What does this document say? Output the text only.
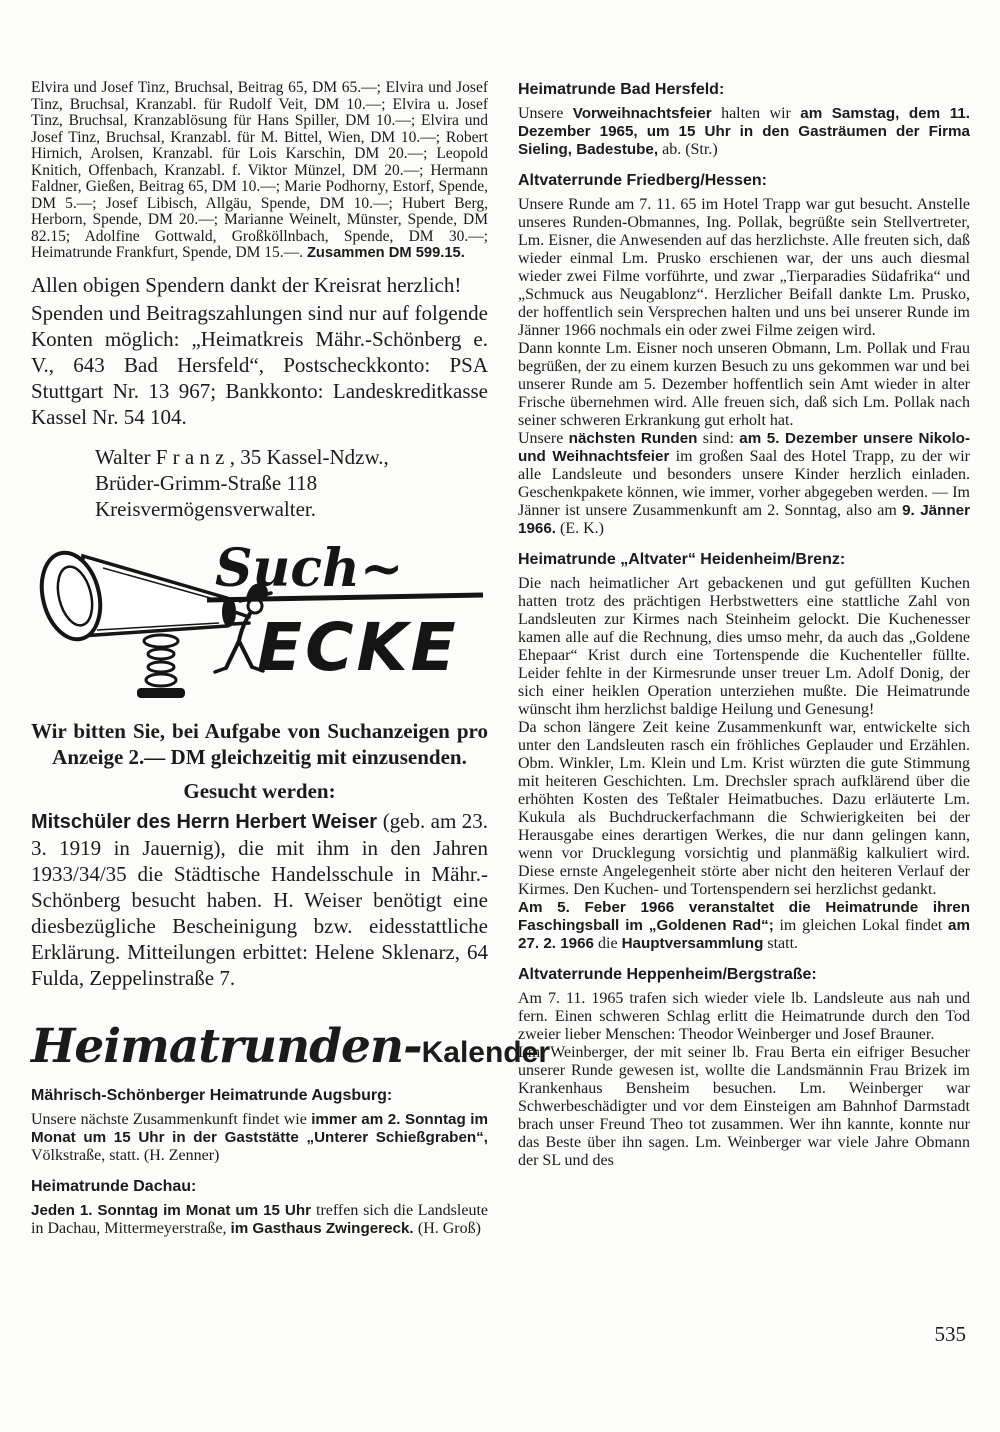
Elvira und Josef Tinz, Bruchsal, Beitrag 65, DM 65.—; Elvira und Josef Tinz, Bruchsal, Kranzabl. für Rudolf Veit, DM 10.—; Elvira u. Josef Tinz, Bruchsal, Kranzablösung für Hans Spiller, DM 10.—; Elvira und Josef Tinz, Bruchsal, Kranzabl. für M. Bittel, Wien, DM 10.—; Robert Hirnich, Arolsen, Kranzabl. für Lois Karschin, DM 20.—; Leopold Knitich, Offenbach, Kranzabl. f. Viktor Münzel, DM 20.—; Hermann Faldner, Gießen, Beitrag 65, DM 10.—; Marie Podhorny, Estorf, Spende, DM 5.—; Josef Libisch, Allgäu, Spende, DM 10.—; Hubert Berg, Herborn, Spende, DM 20.—; Marianne Weinelt, Münster, Spende, DM 82.15; Adolfine Gottwald, Großköllnbach, Spende, DM 30.—; Heimatrunde Frankfurt, Spende, DM 15.—. Zusammen DM 599.15.

Allen obigen Spendern dankt der Kreisrat herzlich!

Spenden und Beitragszahlungen sind nur auf folgende Konten möglich: „Heimatkreis Mähr.-Schönberg e. V., 643 Bad Hersfeld“, Postscheckkonto: PSA Stuttgart Nr. 13 967; Bankkonto: Landeskreditkasse Kassel Nr. 54 104.

Walter F r a n z , 35 Kassel-Ndzw.,
Brüder-Grimm-Straße 118
Kreisvermögensverwalter.
Such~
ECKE

Wir bitten Sie, bei Aufgabe von Suchanzeigen pro Anzeige 2.— DM gleichzeitig mit einzusenden.

Gesucht werden:

Mitschüler des Herrn Herbert Weiser (geb. am 23. 3. 1919 in Jauernig), die mit ihm in den Jahren 1933/34/35 die Städtische Handelsschule in Mähr.-Schönberg besucht haben. H. Weiser benötigt eine diesbezügliche Bescheinigung bzw. eidesstattliche Erklärung. Mitteilungen erbittet: Helene Sklenarz, 64 Fulda, Zeppelinstraße 7.

Heimatrunden-Kalender
Mährisch-Schönberger Heimatrunde Augsburg:

Unsere nächste Zusammenkunft findet wie immer am 2. Sonntag im Monat um 15 Uhr in der Gaststätte „Unterer Schießgraben“, Völkstraße, statt. (H. Zenner)

Heimatrunde Dachau:

Jeden 1. Sonntag im Monat um 15 Uhr treffen sich die Landsleute in Dachau, Mittermeyerstraße, im Gasthaus Zwingereck. (H. Groß)

Heimatrunde Bad Hersfeld:

Unsere Vorweihnachtsfeier halten wir am Samstag, dem 11. Dezember 1965, um 15 Uhr in den Gasträumen der Firma Sieling, Badestube, ab. (Str.)

Altvaterrunde Friedberg/Hessen:

Unsere Runde am 7. 11. 65 im Hotel Trapp war gut besucht. Anstelle unseres Runden-Obmannes, Ing. Pollak, begrüßte sein Stellvertreter, Lm. Eisner, die Anwesenden auf das herzlichste. Alle freuten sich, daß wieder einmal Lm. Prusko erschienen war, der uns auch diesmal wieder zwei Filme vorführte, und zwar „Tierparadies Südafrika“ und „Schmuck aus Neugablonz“. Herzlicher Beifall dankte Lm. Prusko, der hoffentlich sein Versprechen halten und uns bei unserer Runde im Jänner 1966 nochmals ein oder zwei Filme zeigen wird.

Dann konnte Lm. Eisner noch unseren Obmann, Lm. Pollak und Frau begrüßen, der zu einem kurzen Besuch zu uns gekommen war und bei unserer Runde am 5. Dezember hoffentlich sein Amt wieder in alter Frische übernehmen wird. Alle freuen sich, daß sich Lm. Pollak nach seiner schweren Erkrankung gut erholt hat.

Unsere nächsten Runden sind: am 5. Dezember unsere Nikolo- und Weihnachtsfeier im großen Saal des Hotel Trapp, zu der wir alle Landsleute und besonders unsere Kinder herzlich einladen. Geschenkpakete können, wie immer, vorher abgegeben werden. — Im Jänner ist unsere Zusammenkunft am 2. Sonntag, also am 9. Jänner 1966. (E. K.)

Heimatrunde „Altvater“ Heidenheim/Brenz:

Die nach heimatlicher Art gebackenen und gut gefüllten Kuchen hatten trotz des prächtigen Herbstwetters eine stattliche Zahl von Landsleuten zur Kirmes nach Steinheim gelockt. Die Kuchenesser kamen alle auf die Rechnung, dies umso mehr, da auch das „Goldene Ehepaar“ Krist durch eine Tortenspende die Kuchenteller füllte. Leider fehlte in der Kirmesrunde unser treuer Lm. Adolf Donig, der sich einer heiklen Operation unterziehen mußte. Die Heimatrunde wünscht ihm herzlichst baldige Heilung und Genesung!

Da schon längere Zeit keine Zusammenkunft war, entwickelte sich unter den Landsleuten rasch ein fröhliches Geplauder und Erzählen. Obm. Winkler, Lm. Klein und Lm. Krist würzten die gute Stimmung mit heiteren Geschichten. Lm. Drechsler sprach aufklärend über die erhöhten Kosten des Teßtaler Heimatbuches. Dazu erläuterte Lm. Kukula als Buchdruckerfachmann die Schwierigkeiten bei der Herausgabe eines derartigen Werkes, die nur dann gelingen kann, wenn vor Drucklegung vorsichtig und planmäßig kalkuliert wird. Diese ernste Angelegenheit störte aber nicht den heiteren Verlauf der Kirmes. Den Kuchen- und Tortenspendern sei herzlichst gedankt.

Am 5. Feber 1966 veranstaltet die Heimatrunde ihren Faschingsball im „Goldenen Rad“; im gleichen Lokal findet am 27. 2. 1966 die Hauptversammlung statt.

Altvaterrunde Heppenheim/Bergstraße:

Am 7. 11. 1965 trafen sich wieder viele lb. Landsleute aus nah und fern. Einen schweren Schlag erlitt die Heimatrunde durch den Tod zweier lieber Menschen: Theodor Weinberger und Josef Brauner.

Lm. Weinberger, der mit seiner lb. Frau Berta ein eifriger Besucher unserer Runde gewesen ist, wollte die Landsmännin Frau Brizek im Krankenhaus Bensheim besuchen. Lm. Weinberger war Schwerbeschädigter und vor dem Einsteigen am Bahnhof Darmstadt brach unser Freund Theo tot zusammen. Wer ihn kannte, konnte nur das Beste über ihn sagen. Lm. Weinberger war viele Jahre Obmann der SL und des

535
